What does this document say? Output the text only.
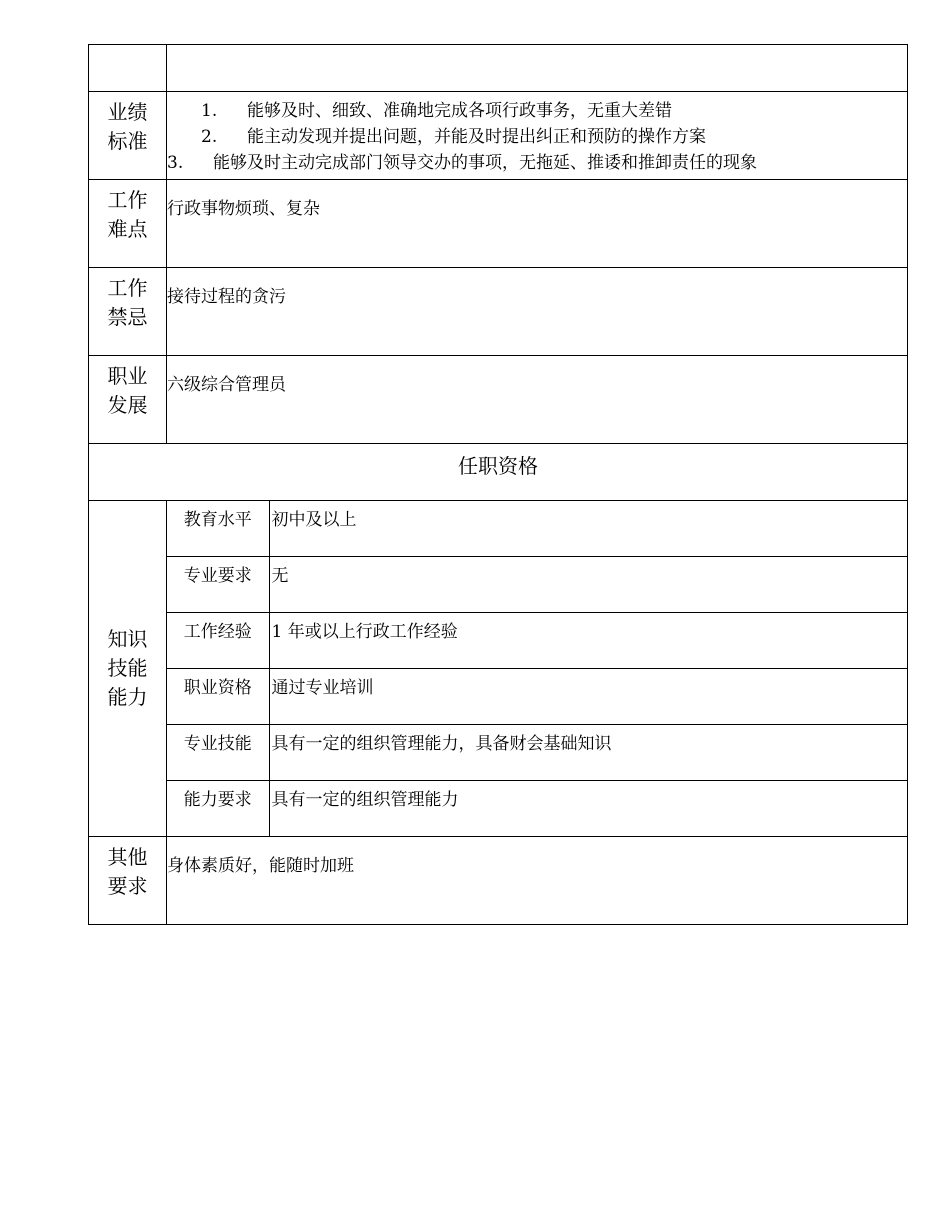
业绩
标准

1. 能够及时、细致、准确地完成各项行政事务，无重大差错
2. 能主动发现并提出问题，并能及时提出纠正和预防的操作方案
3. 能够及时主动完成部门领导交办的事项，无拖延、推诿和推卸责任的现象

工作
难点
	行政事物烦琐、复杂

工作
禁忌
	接待过程的贪污

职业
发展
	六级综合管理员
任职资格

知识
技能
能力

教育水平	初中及以上
专业要求	无
工作经验	1 年或以上行政工作经验
职业资格	通过专业培训
专业技能	具有一定的组织管理能力，具备财会基础知识
能力要求	具有一定的组织管理能力

其他
要求
	身体素质好，能随时加班
